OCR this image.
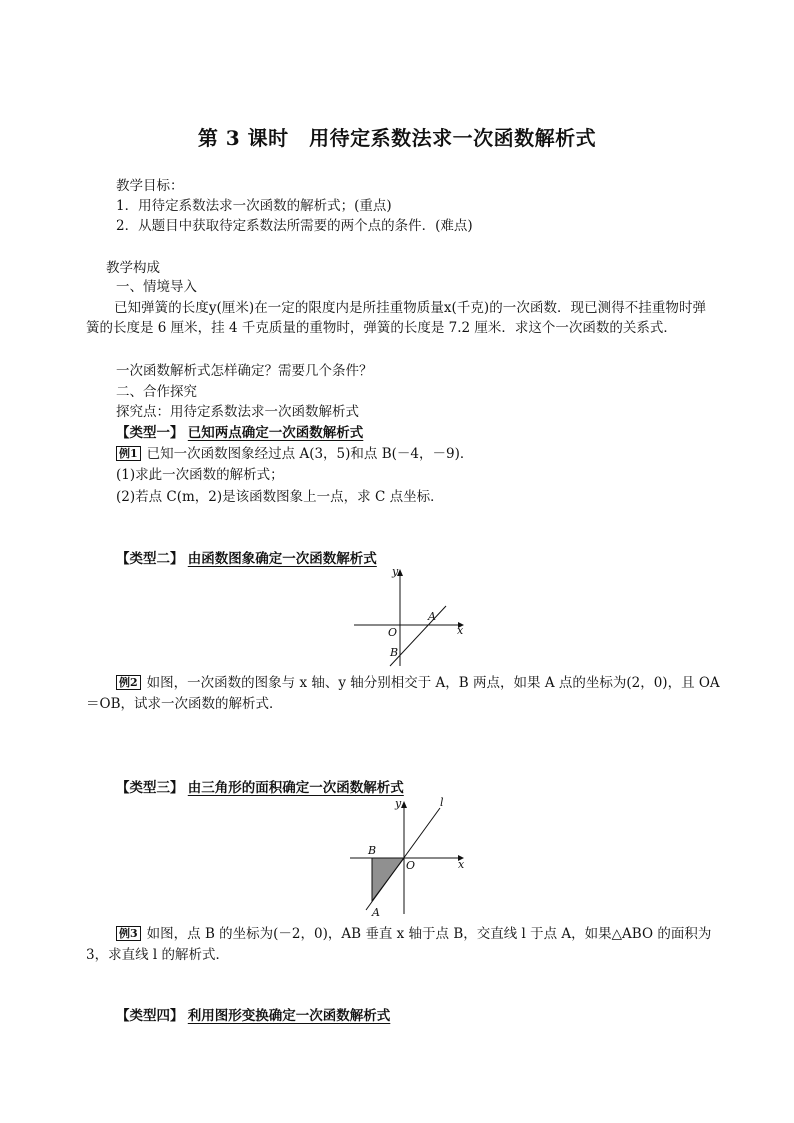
第 3 课时　用待定系数法求一次函数解析式
教学目标：
1．用待定系数法求一次函数的解析式；(重点)
2．从题目中获取待定系数法所需要的两个点的条件．(难点)
教学构成
一、情境导入
已知弹簧的长度y(厘米)在一定的限度内是所挂重物质量x(千克)的一次函数．现已测得不挂重物时弹簧的长度是 6 厘米，挂 4 千克质量的重物时，弹簧的长度是 7.2 厘米．求这个一次函数的关系式．
一次函数解析式怎样确定？需要几个条件？
二、合作探究
探究点：用待定系数法求一次函数解析式
【类型一】 已知两点确定一次函数解析式
例1 已知一次函数图象经过点 A(3，5)和点 B(－4，－9)．
(1)求此一次函数的解析式；
(2)若点 C(m，2)是该函数图象上一点，求 C 点坐标．
【类型二】 由函数图象确定一次函数解析式
y
x
O
A
B
例2 如图，一次函数的图象与 x 轴、y 轴分别相交于 A，B 两点，如果 A 点的坐标为(2，0)，且 OA
＝OB，试求一次函数的解析式．
【类型三】 由三角形的面积确定一次函数解析式
y
x
O
B
A
l
例3 如图，点 B 的坐标为(－2，0)，AB 垂直 x 轴于点 B，交直线 l 于点 A，如果△ABO 的面积为
3，求直线 l 的解析式．
【类型四】 利用图形变换确定一次函数解析式
